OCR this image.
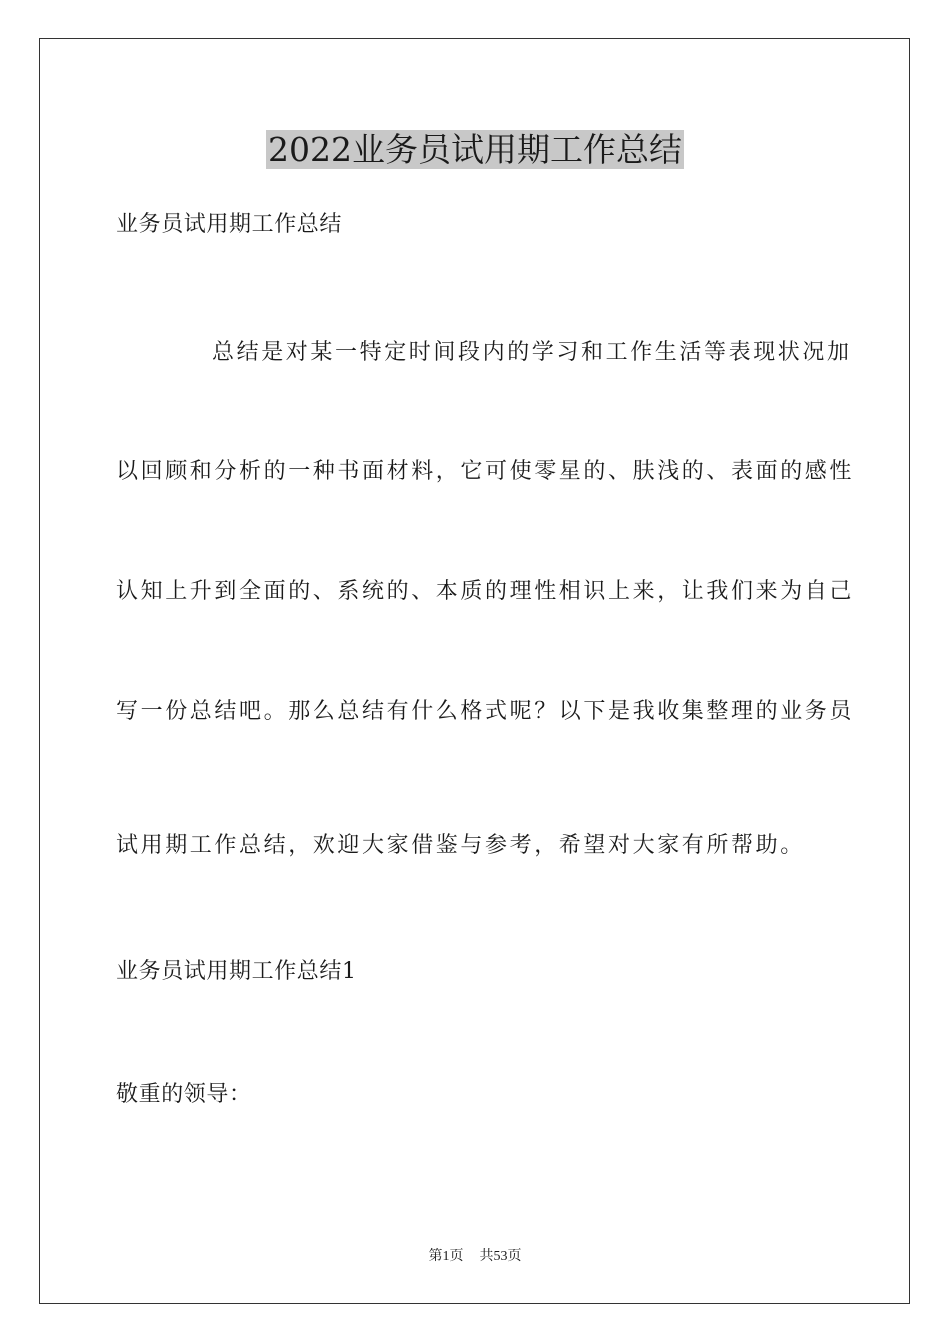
2022业务员试用期工作总结
业务员试用期工作总结
总结是对某一特定时间段内的学习和工作生活等表现状况加
以回顾和分析的一种书面材料，它可使零星的、肤浅的、表面的感性
认知上升到全面的、系统的、本质的理性相识上来，让我们来为自己
写一份总结吧。那么总结有什么格式呢？以下是我收集整理的业务员
试用期工作总结，欢迎大家借鉴与参考，希望对大家有所帮助。
业务员试用期工作总结1
敬重的领导：
第1页 共53页
